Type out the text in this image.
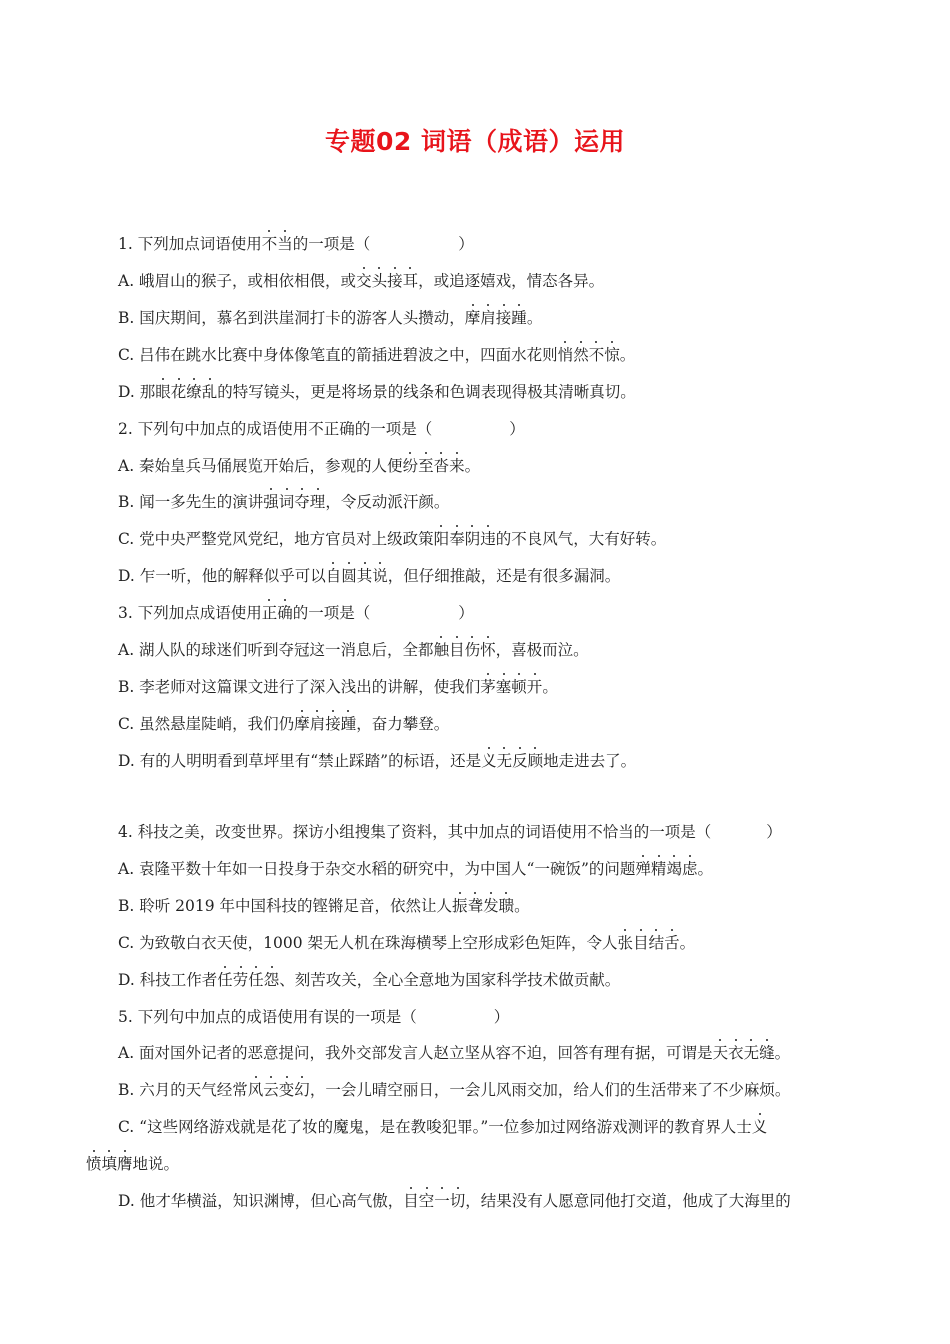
专题02 词语（成语）运用
1. 下列加点词语使用不当的一项是（	）
A. 峨眉山的猴子，或相依相偎，或交头接耳，或追逐嬉戏，情态各异。
B. 国庆期间，慕名到洪崖洞打卡的游客人头攒动，摩肩接踵。
C. 吕伟在跳水比赛中身体像笔直的箭插进碧波之中，四面水花则悄然不惊。
D. 那眼花缭乱的特写镜头，更是将场景的线条和色调表现得极其清晰真切。
2. 下列句中加点的成语使用不正确的一项是（	）
A. 秦始皇兵马俑展览开始后，参观的人便纷至沓来。
B. 闻一多先生的演讲强词夺理，令反动派汗颜。
C. 党中央严整党风党纪，地方官员对上级政策阳奉阴违的不良风气，大有好转。
D. 乍一听，他的解释似乎可以自圆其说，但仔细推敲，还是有很多漏洞。
3. 下列加点成语使用正确的一项是（	）
A. 湖人队的球迷们听到夺冠这一消息后，全都触目伤怀，喜极而泣。
B. 李老师对这篇课文进行了深入浅出的讲解，使我们茅塞顿开。
C. 虽然悬崖陡峭，我们仍摩肩接踵，奋力攀登。
D. 有的人明明看到草坪里有“禁止踩踏”的标语，还是义无反顾地走进去了。
4. 科技之美，改变世界。探访小组搜集了资料，其中加点的词语使用不恰当的一项是（	）
A. 袁隆平数十年如一日投身于杂交水稻的研究中，为中国人“一碗饭”的问题殚精竭虑。
B. 聆听 2019 年中国科技的铿锵足音，依然让人振聋发聩。
C. 为致敬白衣天使，1000 架无人机在珠海横琴上空形成彩色矩阵，令人张目结舌。
D. 科技工作者任劳任怨、刻苦攻关，全心全意地为国家科学技术做贡献。
5. 下列句中加点的成语使用有误的一项是（	）
A. 面对国外记者的恶意提问，我外交部发言人赵立坚从容不迫，回答有理有据，可谓是天衣无缝。
B. 六月的天气经常风云变幻，一会儿晴空丽日，一会儿风雨交加，给人们的生活带来了不少麻烦。
C. “这些网络游戏就是花了妆的魔鬼，是在教唆犯罪。”一位参加过网络游戏测评的教育界人士义
愤填膺地说。
D. 他才华横溢，知识渊博，但心高气傲，目空一切，结果没有人愿意同他打交道，他成了大海里的
